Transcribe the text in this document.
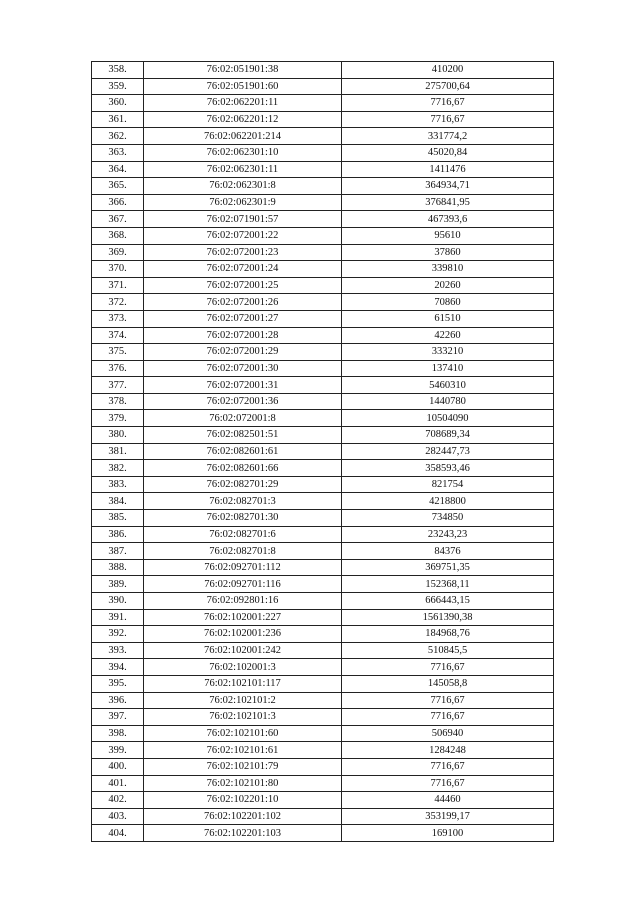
358.	76:02:051901:38	410200
359.	76:02:051901:60	275700,64
360.	76:02:062201:11	7716,67
361.	76:02:062201:12	7716,67
362.	76:02:062201:214	331774,2
363.	76:02:062301:10	45020,84
364.	76:02:062301:11	1411476
365.	76:02:062301:8	364934,71
366.	76:02:062301:9	376841,95
367.	76:02:071901:57	467393,6
368.	76:02:072001:22	95610
369.	76:02:072001:23	37860
370.	76:02:072001:24	339810
371.	76:02:072001:25	20260
372.	76:02:072001:26	70860
373.	76:02:072001:27	61510
374.	76:02:072001:28	42260
375.	76:02:072001:29	333210
376.	76:02:072001:30	137410
377.	76:02:072001:31	5460310
378.	76:02:072001:36	1440780
379.	76:02:072001:8	10504090
380.	76:02:082501:51	708689,34
381.	76:02:082601:61	282447,73
382.	76:02:082601:66	358593,46
383.	76:02:082701:29	821754
384.	76:02:082701:3	4218800
385.	76:02:082701:30	734850
386.	76:02:082701:6	23243,23
387.	76:02:082701:8	84376
388.	76:02:092701:112	369751,35
389.	76:02:092701:116	152368,11
390.	76:02:092801:16	666443,15
391.	76:02:102001:227	1561390,38
392.	76:02:102001:236	184968,76
393.	76:02:102001:242	510845,5
394.	76:02:102001:3	7716,67
395.	76:02:102101:117	145058,8
396.	76:02:102101:2	7716,67
397.	76:02:102101:3	7716,67
398.	76:02:102101:60	506940
399.	76:02:102101:61	1284248
400.	76:02:102101:79	7716,67
401.	76:02:102101:80	7716,67
402.	76:02:102201:10	44460
403.	76:02:102201:102	353199,17
404.	76:02:102201:103	169100
